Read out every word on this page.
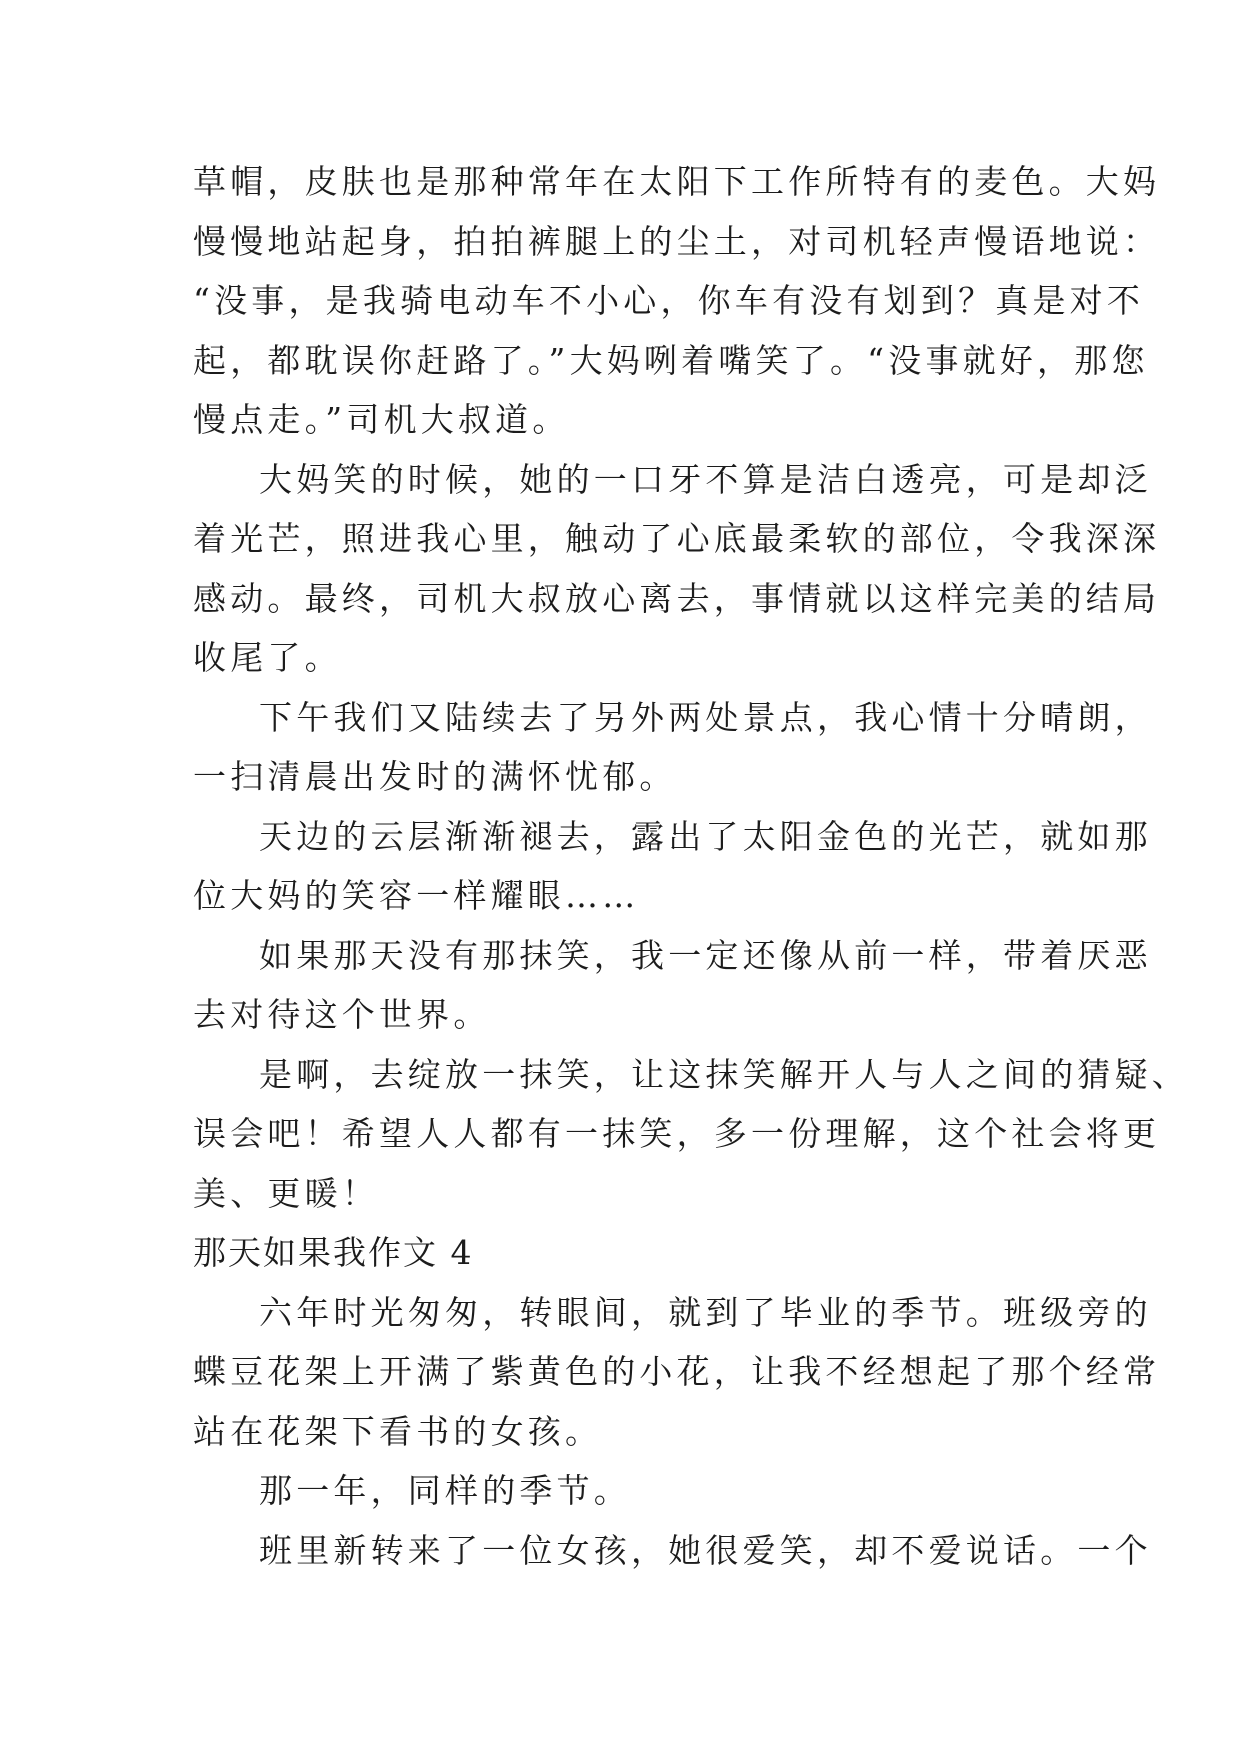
草帽，皮肤也是那种常年在太阳下工作所特有的麦色。大妈
慢慢地站起身，拍拍裤腿上的尘土，对司机轻声慢语地说：
“没事，是我骑电动车不小心，你车有没有划到？真是对不
起，都耽误你赶路了。”大妈咧着嘴笑了。“没事就好，那您
慢点走。”司机大叔道。
大妈笑的时候，她的一口牙不算是洁白透亮，可是却泛
着光芒，照进我心里，触动了心底最柔软的部位，令我深深
感动。最终，司机大叔放心离去，事情就以这样完美的结局
收尾了。
下午我们又陆续去了另外两处景点，我心情十分晴朗，
一扫清晨出发时的满怀忧郁。
天边的云层渐渐褪去，露出了太阳金色的光芒，就如那
位大妈的笑容一样耀眼……
如果那天没有那抹笑，我一定还像从前一样，带着厌恶
去对待这个世界。
是啊，去绽放一抹笑，让这抹笑解开人与人之间的猜疑、
误会吧！希望人人都有一抹笑，多一份理解，这个社会将更
美、更暖！
那天如果我作文 4
六年时光匆匆，转眼间，就到了毕业的季节。班级旁的
蝶豆花架上开满了紫黄色的小花，让我不经想起了那个经常
站在花架下看书的女孩。
那一年，同样的季节。
班里新转来了一位女孩，她很爱笑，却不爱说话。一个
